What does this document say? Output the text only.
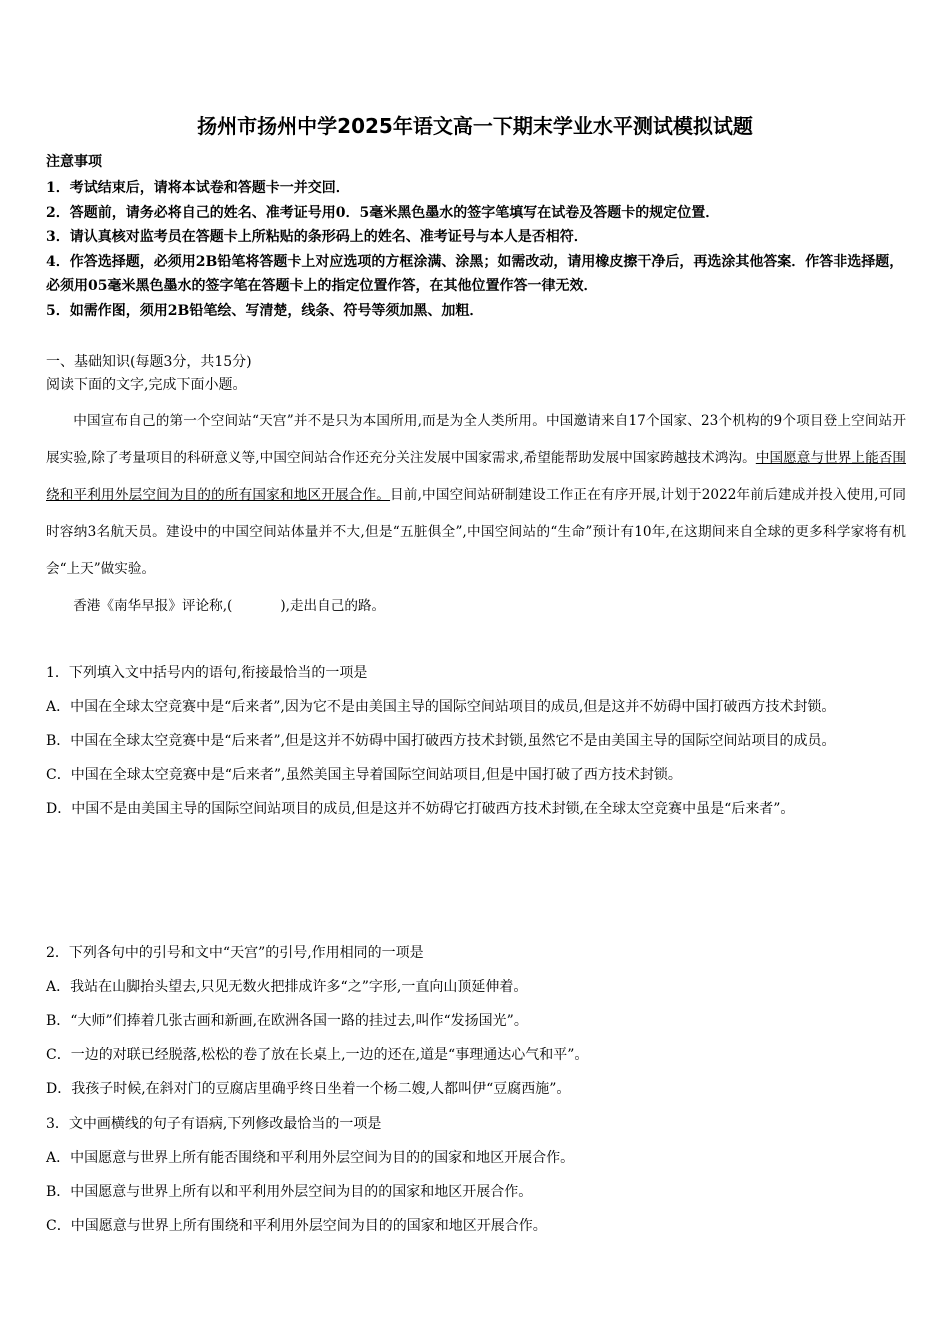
扬州市扬州中学2025年语文高一下期末学业水平测试模拟试题
注意事项

1．考试结束后，请将本试卷和答题卡一并交回．

2．答题前，请务必将自己的姓名、准考证号用0．5毫米黑色墨水的签字笔填写在试卷及答题卡的规定位置．

3．请认真核对监考员在答题卡上所粘贴的条形码上的姓名、准考证号与本人是否相符．

4．作答选择题，必须用2B铅笔将答题卡上对应选项的方框涂满、涂黑；如需改动，请用橡皮擦干净后，再选涂其他答案．作答非选择题，必须用05毫米黑色墨水的签字笔在答题卡上的指定位置作答，在其他位置作答一律无效．

5．如需作图，须用2B铅笔绘、写清楚，线条、符号等须加黑、加粗．

一、基础知识(每题3分，共15分)
阅读下面的文字,完成下面小题。

中国宣布自己的第一个空间站“天宫”并不是只为本国所用,而是为全人类所用。中国邀请来自17个国家、23个机构的9个项目登上空间站开展实验,除了考量项目的科研意义等,中国空间站合作还充分关注发展中国家需求,希望能帮助发展中国家跨越技术鸿沟。中国愿意与世界上能否围绕和平利用外层空间为目的的所有国家和地区开展合作。目前,中国空间站研制建设工作正在有序开展,计划于2022年前后建成并投入使用,可同时容纳3名航天员。建设中的中国空间站体量并不大,但是“五脏俱全”,中国空间站的“生命”预计有10年,在这期间来自全球的更多科学家将有机会“上天”做实验。

香港《南华早报》评论称,(	),走出自己的路。

1．下列填入文中括号内的语句,衔接最恰当的一项是

A．中国在全球太空竞赛中是“后来者”,因为它不是由美国主导的国际空间站项目的成员,但是这并不妨碍中国打破西方技术封锁。

B．中国在全球太空竞赛中是“后来者”,但是这并不妨碍中国打破西方技术封锁,虽然它不是由美国主导的国际空间站项目的成员。

C．中国在全球太空竞赛中是“后来者”,虽然美国主导着国际空间站项目,但是中国打破了西方技术封锁。

D．中国不是由美国主导的国际空间站项目的成员,但是这并不妨碍它打破西方技术封锁,在全球太空竞赛中虽是“后来者”。

2．下列各句中的引号和文中“天宫”的引号,作用相同的一项是

A．我站在山脚抬头望去,只见无数火把排成许多“之”字形,一直向山顶延伸着。

B．“大师”们捧着几张古画和新画,在欧洲各国一路的挂过去,叫作“发扬国光”。

C．一边的对联已经脱落,松松的卷了放在长桌上,一边的还在,道是“事理通达心气和平”。

D．我孩子时候,在斜对门的豆腐店里确乎终日坐着一个杨二嫂,人都叫伊“豆腐西施”。

3．文中画横线的句子有语病,下列修改最恰当的一项是

A．中国愿意与世界上所有能否围绕和平利用外层空间为目的的国家和地区开展合作。

B．中国愿意与世界上所有以和平利用外层空间为目的的国家和地区开展合作。

C．中国愿意与世界上所有围绕和平利用外层空间为目的的国家和地区开展合作。
